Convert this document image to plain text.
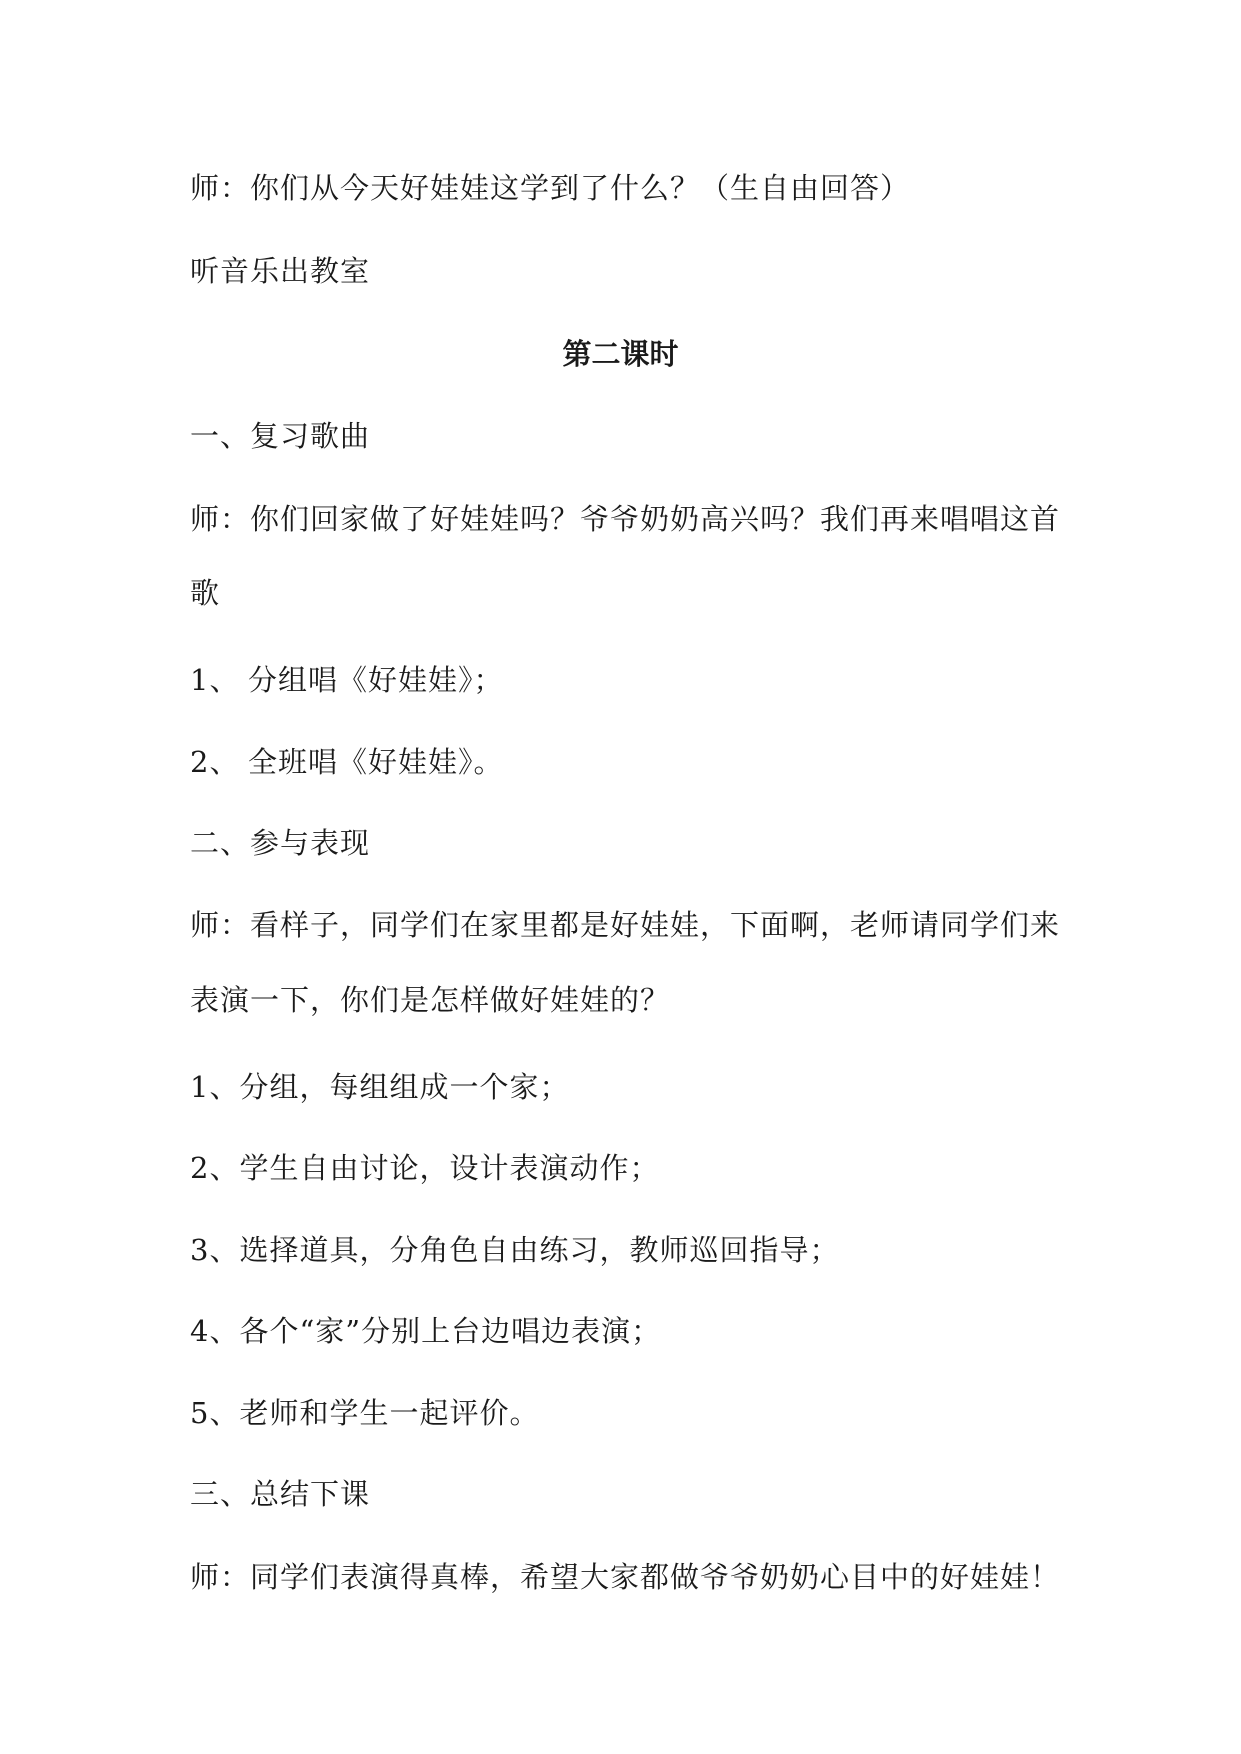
师：你们从今天好娃娃这学到了什么？（生自由回答）
听音乐出教室
第二课时
一、复习歌曲
师：你们回家做了好娃娃吗？爷爷奶奶高兴吗？我们再来唱唱这首
歌
1、 分组唱《好娃娃》；
2、 全班唱《好娃娃》。
二、参与表现
师：看样子，同学们在家里都是好娃娃，下面啊，老师请同学们来
表演一下，你们是怎样做好娃娃的？
1、分组，每组组成一个家；
2、学生自由讨论，设计表演动作；
3、选择道具，分角色自由练习，教师巡回指导；
4、各个“家”分别上台边唱边表演；
5、老师和学生一起评价。
三、总结下课
师：同学们表演得真棒，希望大家都做爷爷奶奶心目中的好娃娃！
